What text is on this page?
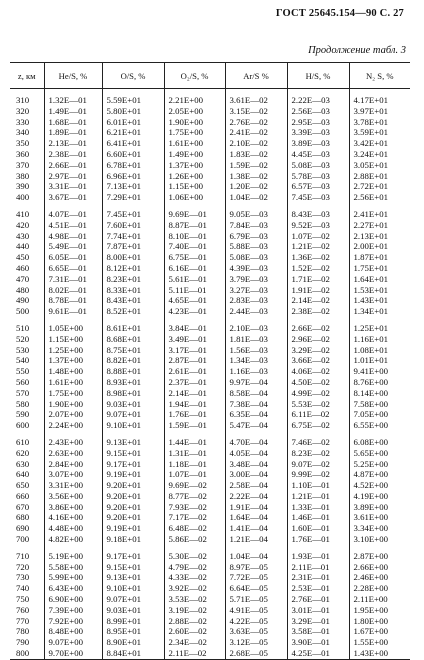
ГОСТ 25645.154—90 С. 27
Продолжение табл. 3
z, км	He/S, %	O/S, %	O₂/S, %	Ar/S %	H/S, %	N₂ S, %

310	1.32E—01	5.59E+01	2.21E+00	3.61E—02	2.22E—03	4.17E+01
320	1.49E—01	5.80E+01	2.05E+00	3.15E—02	2.56E—03	3.97E+01
330	1.68E—01	6.01E+01	1.90E+00	2.76E—02	2.95E—03	3.78E+01
340	1.89E—01	6.21E+01	1.75E+00	2.41E—02	3.39E—03	3.59E+01
350	2.13E—01	6.41E+01	1.61E+00	2.10E—02	3.89E—03	3.42E+01
360	2.38E—01	6.60E+01	1.49E+00	1.83E—02	4.45E—03	3.24E+01
370	2.66E—01	6.78E+01	1.37E+00	1.59E—02	5.08E—03	3.05E+01
380	2.97E—01	6.96E+01	1.26E+00	1.38E—02	5.78E—03	2.88E+01
390	3.31E—01	7.13E+01	1.15E+00	1.20E—02	6.57E—03	2.72E+01
400	3.67E—01	7.29E+01	1.06E+00	1.04E—02	7.45E—03	2.56E+01

410	4.07E—01	7.45E+01	9.69E—01	9.05E—03	8.43E—03	2.41E+01
420	4.51E—01	7.60E+01	8.87E—01	7.84E—03	9.52E—03	2.27E+01
430	4.98E—01	7.74E+01	8.10E—01	6.79E—03	1.07E—02	2.13E+01
440	5.49E—01	7.87E+01	7.40E—01	5.88E—03	1.21E—02	2.00E+01
450	6.05E—01	8.00E+01	6.75E—01	5.08E—03	1.36E—02	1.87E+01
460	6.65E—01	8.12E+01	6.16E—01	4.39E—03	1.52E—02	1.75E+01
470	7.31E—01	8.23E+01	5.61E—01	3.79E—03	1.71E—02	1.64E+01
480	8.02E—01	8.33E+01	5.11E—01	3.27E—03	1.91E—02	1.53E+01
490	8.78E—01	8.43E+01	4.65E—01	2.83E—03	2.14E—02	1.43E+01
500	9.61E—01	8.52E+01	4.23E—01	2.44E—03	2.38E—02	1.34E+01

510	1.05E+00	8.61E+01	3.84E—01	2.10E—03	2.66E—02	1.25E+01
520	1.15E+00	8.68E+01	3.49E—01	1.81E—03	2.96E—02	1.16E+01
530	1.25E+00	8.75E+01	3.17E—01	1.56E—03	3.29E—02	1.08E+01
540	1.37E+00	8.82E+01	2.87E—01	1.34E—03	3.66E—02	1.01E+01
550	1.48E+00	8.88E+01	2.61E—01	1.16E—03	4.06E—02	9.41E+00
560	1.61E+00	8.93E+01	2.37E—01	9.97E—04	4.50E—02	8.76E+00
570	1.75E+00	8.98E+01	2.14E—01	8.58E—04	4.99E—02	8.14E+00
580	1.90E+00	9.03E+01	1.94E—01	7.38E—04	5.53E—02	7.58E+00
590	2.07E+00	9.07E+01	1.76E—01	6.35E—04	6.11E—02	7.05E+00
600	2.24E+00	9.10E+01	1.59E—01	5.47E—04	6.75E—02	6.55E+00

610	2.43E+00	9.13E+01	1.44E—01	4.70E—04	7.46E—02	6.08E+00
620	2.63E+00	9.15E+01	1.31E—01	4.05E—04	8.23E—02	5.65E+00
630	2.84E+00	9.17E+01	1.18E—01	3.48E—04	9.07E—02	5.25E+00
640	3.07E+00	9.19E+01	1.07E—01	3.00E—04	9.99E—02	4.87E+00
650	3.31E+00	9.20E+01	9.69E—02	2.58E—04	1.10E—01	4.52E+00
660	3.56E+00	9.20E+01	8.77E—02	2.22E—04	1.21E—01	4.19E+00
670	3.86E+00	9.20E+01	7.93E—02	1.91E—04	1.33E—01	3.89E+00
680	4.16E+00	9.20E+01	7.17E—02	1.64E—04	1.46E—01	3.61E+00
690	4.48E+00	9.19E+01	6.48E—02	1.41E—04	1.60E—01	3.34E+00
700	4.82E+00	9.18E+01	5.86E—02	1.21E—04	1.76E—01	3.10E+00

710	5.19E+00	9.17E+01	5.30E—02	1.04E—04	1.93E—01	2.87E+00
720	5.58E+00	9.15E+01	4.79E—02	8.97E—05	2.11E—01	2.66E+00
730	5.99E+00	9.13E+01	4.33E—02	7.72E—05	2.31E—01	2.46E+00
740	6.43E+00	9.10E+01	3.92E—02	6.64E—05	2.53E—01	2.28E+00
750	6.90E+00	9.07E+01	3.53E—02	5.71E—05	2.76E—01	2.11E+00
760	7.39E+00	9.03E+01	3.19E—02	4.91E—05	3.01E—01	1.95E+00
770	7.92E+00	8.99E+01	2.88E—02	4.22E—05	3.29E—01	1.80E+00
780	8.48E+00	8.95E+01	2.60E—02	3.63E—05	3.58E—01	1.67E+00
790	9.07E+00	8.90E+01	2.34E—02	3.12E—05	3.90E—01	1.55E+00
800	9.70E+00	8.84E+01	2.11E—02	2.68E—05	4.25E—01	1.43E+00
